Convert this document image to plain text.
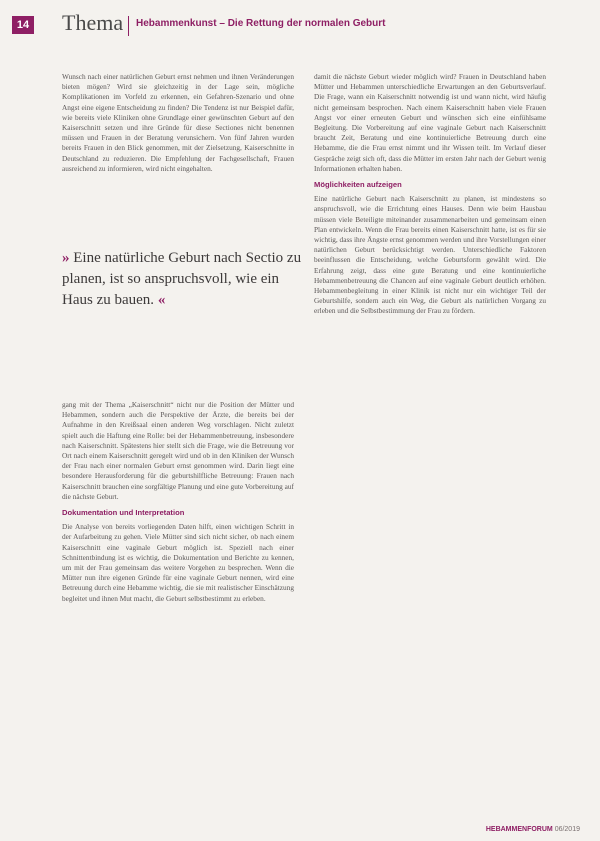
14 Thema Hebammenkunst – Die Rettung der normalen Geburt

Wunsch nach einer natürlichen Geburt ernst nehmen und ihnen Veränderungen bieten mögen? Wird sie gleichzeitig in der Lage sein, mögliche Komplikationen im Vorfeld zu erkennen, ein Gefahren-Szenario und ohne Angst eine eigene Entscheidung zu finden? Die Tendenz ist nur Beispiel dafür, wie bereits viele Kliniken ohne Grundlage einer gewünschten Geburt auf den Kaiserschnitt setzen und ihre Gründe für diese Sectiones nicht benennen müssen und Frauen in der Beratung verunsichern. Von fünf Jahren wurden bereits Frauen in den Blick genommen, mit der Zielsetzung, Kaiserschnitte in Deutschland zu reduzieren. Die Empfehlung der Fachgesellschaft, Frauen ausreichend zu informieren, wird nicht eingehalten.

» Eine natürliche Geburt nach Sectio zu planen, ist so anspruchsvoll, wie ein Haus zu bauen. «

gang mit der Thema „Kaiserschnitt“ nicht nur die Position der Mütter und Hebammen, sondern auch die Perspektive der Ärzte, die bereits bei der Aufnahme in den Kreißsaal einen anderen Weg vorschlagen. Nicht zuletzt spielt auch die Haftung eine Rolle: bei der Hebammenbetreuung, insbesondere nach Kaiserschnitt. Spätestens hier stellt sich die Frage, wie die Betreuung vor Ort nach einem Kaiserschnitt geregelt wird und ob in den Kliniken der Wunsch der Frau nach einer normalen Geburt ernst genommen wird. Darin liegt eine besondere Herausforderung für die geburtshilfliche Betreuung: Frauen nach Kaiserschnitt brauchen eine sorgfältige Planung und eine gute Vorbereitung auf die nächste Geburt.

Dokumentation und Interpretation

Die Analyse von bereits vorliegenden Daten hilft, einen wichtigen Schritt in der Aufarbeitung zu gehen. Viele Mütter sind sich nicht sicher, ob nach einem Kaiserschnitt eine vaginale Geburt möglich ist. Speziell nach einer Schnittentbindung ist es wichtig, die Dokumentation und Berichte zu kennen, um mit der Frau gemeinsam das weitere Vorgehen zu besprechen. Wenn die Mütter nun ihre eigenen Gründe für eine vaginale Geburt nennen, wird eine Betreuung durch eine Hebamme wichtig, die sie mit realistischer Einschätzung begleitet und ihnen Mut macht, die Geburt selbstbestimmt zu erleben.

damit die nächste Geburt wieder möglich wird? Frauen in Deutschland haben Mütter und Hebammen unterschiedliche Erwartungen an den Geburtsverlauf. Die Frage, wann ein Kaiserschnitt notwendig ist und wann nicht, wird häufig nicht gemeinsam besprochen. Nach einem Kaiserschnitt haben viele Frauen Angst vor einer erneuten Geburt und wünschen sich eine einfühlsame Begleitung. Die Vorbereitung auf eine vaginale Geburt nach Kaiserschnitt braucht Zeit, Beratung und eine kontinuierliche Betreuung durch eine Hebamme, die die Frau ernst nimmt und ihr Wissen teilt. Im Verlauf dieser Gespräche zeigt sich oft, dass die Mütter im ersten Jahr nach der Geburt wenig Informationen erhalten haben.

Möglichkeiten aufzeigen

Eine natürliche Geburt nach Kaiserschnitt zu planen, ist mindestens so anspruchsvoll, wie die Errichtung eines Hauses. Denn wie beim Hausbau müssen viele Beteiligte miteinander zusammenarbeiten und gemeinsam einen Plan entwickeln. Wenn die Frau bereits einen Kaiserschnitt hatte, ist es für sie wichtig, dass ihre Ängste ernst genommen werden und ihre Vorstellungen einer natürlichen Geburt berücksichtigt werden. Unterschiedliche Faktoren beeinflussen die Entscheidung, welche Geburtsform gewählt wird. Die Erfahrung zeigt, dass eine gute Beratung und eine kontinuierliche Hebammenbetreuung die Chancen auf eine vaginale Geburt deutlich erhöhen. Hebammenbegleitung in einer Klinik ist nicht nur ein wichtiger Teil der Geburtshilfe, sondern auch ein Weg, die Geburt als natürlichen Vorgang zu erleben und die Selbstbestimmung der Frau zu fördern.

HEBAMMENFORUM 06/2019
